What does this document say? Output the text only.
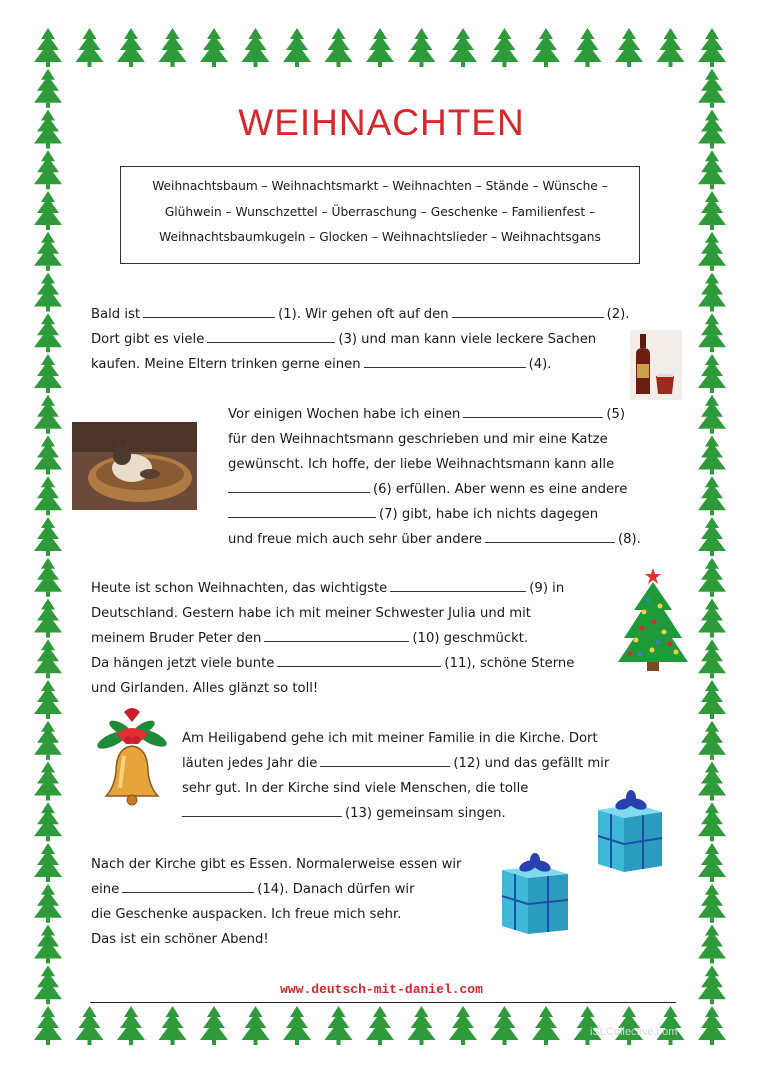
WEIHNACHTEN
Weihnachtsbaum – Weihnachtsmarkt – Weihnachten – Stände – Wünsche –
Glühwein – Wunschzettel – Überraschung – Geschenke – Familienfest –
Weihnachtsbaumkugeln – Glocken – Weihnachtslieder – Weihnachtsgans
Bald ist	(1). Wir gehen oft auf den	(2).
Dort gibt es viele	(3) und man kann viele leckere Sachen
kaufen. Meine Eltern trinken gerne einen	(4).
Vor einigen Wochen habe ich einen	(5)
für den Weihnachtsmann geschrieben und mir eine Katze
gewünscht. Ich hoffe, der liebe Weihnachtsmann kann alle
(6) erfüllen. Aber wenn es eine andere
(7) gibt, habe ich nichts dagegen
und freue mich auch sehr über andere	(8).
Heute ist schon Weihnachten, das wichtigste	(9) in
Deutschland. Gestern habe ich mit meiner Schwester Julia und mit
meinem Bruder Peter den	(10) geschmückt.
Da hängen jetzt viele bunte	(11), schöne Sterne
und Girlanden. Alles glänzt so toll!
Am Heiligabend gehe ich mit meiner Familie in die Kirche. Dort
läuten jedes Jahr die	(12) und das gefällt mir
sehr gut. In der Kirche sind viele Menschen, die tolle
(13) gemeinsam singen.
Nach der Kirche gibt es Essen. Normalerweise essen wir
eine	(14). Danach dürfen wir
die Geschenke auspacken. Ich freue mich sehr.
Das ist ein schöner Abend!
www.deutsch-mit-daniel.com
iSLCollective.com
